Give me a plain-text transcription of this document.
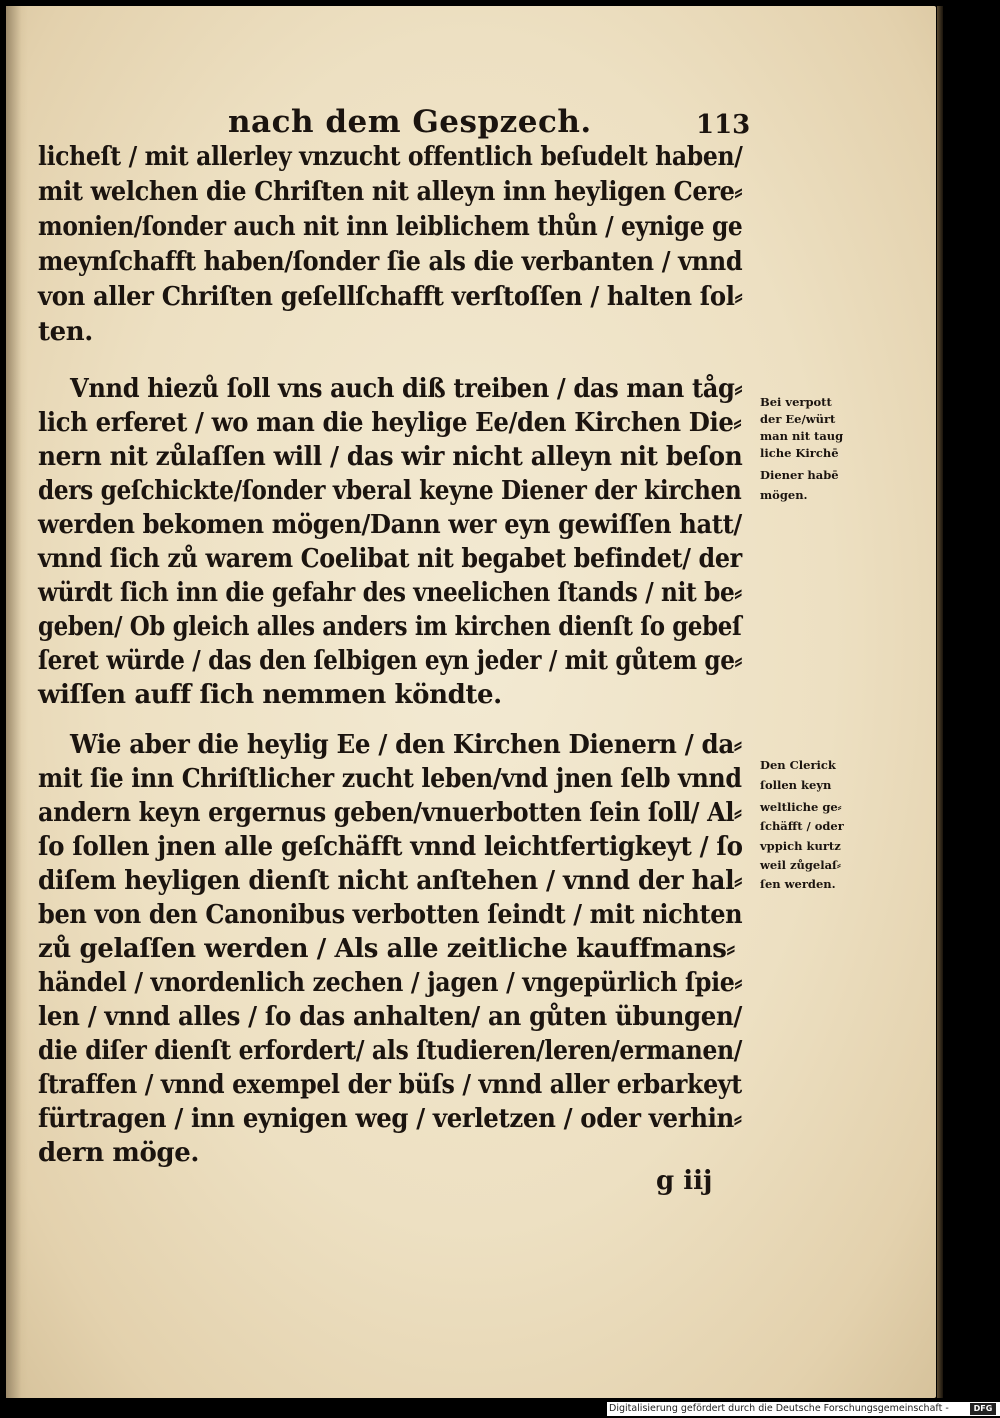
nach dem Gespzech.	113
licheſt / mit allerley vnzucht offentlich beſudelt haben/
mit welchen die Chriſten nit alleyn inn heyligen Cere⸗
monien/ſonder auch nit inn leiblichem thůn / eynige ge
meynſchafft haben/ſonder ſie als die verbanten / vnnd
von aller Chriſten geſellſchafft verſtoſſen / halten ſol⸗
ten.
Vnnd hiezů ſoll vns auch diß treiben / das man tåg⸗
lich erferet / wo man die heylige Ee/den Kirchen Die⸗
nern nit zůlaſſen will / das wir nicht alleyn nit beſon
ders geſchickte/ſonder vberal keyne Diener der kirchen
werden bekomen mögen/Dann wer eyn gewiſſen hatt/
vnnd ſich zů warem Coelibat nit begabet befindet/ der
würdt ſich inn die gefahr des vneelichen ſtands / nit be⸗
geben/ Ob gleich alles anders im kirchen dienſt ſo gebeſ
ſeret würde / das den ſelbigen eyn jeder / mit gůtem ge⸗
wiſſen auff ſich nemmen köndte.
Wie aber die heylig Ee / den Kirchen Dienern / da⸗
mit ſie inn Chriſtlicher zucht leben/vnd jnen ſelb vnnd
andern keyn ergernus geben/vnuerbotten ſein ſoll/ Al⸗
ſo ſollen jnen alle geſchäfft vnnd leichtfertigkeyt / ſo
diſem heyligen dienſt nicht anſtehen / vnnd der hal⸗
ben von den Canonibus verbotten ſeindt / mit nichten
zů gelaſſen werden / Als alle zeitliche kauffmans⸗
händel / vnordenlich zechen / jagen / vngepürlich ſpie⸗
len / vnnd alles / ſo das anhalten/ an gůten übungen/
die diſer dienſt erfordert/ als ſtudieren/leren/ermanen/
ſtraffen / vnnd exempel der büſs / vnnd aller erbarkeyt
fürtragen / inn eynigen weg / verletzen / oder verhin⸗
dern möge.
Bei verpott
der Ee/würt
man nit taug
liche Kirchē
Diener habē
mögen.
Den Clerick
ſollen keyn
weltliche ge⸗
ſchäfft / oder
vppich kurtz
weil zůgelaſ⸗
ſen werden.
g iij
Digitalisierung gefördert durch die Deutsche Forschungsgemeinschaft -	DFG
